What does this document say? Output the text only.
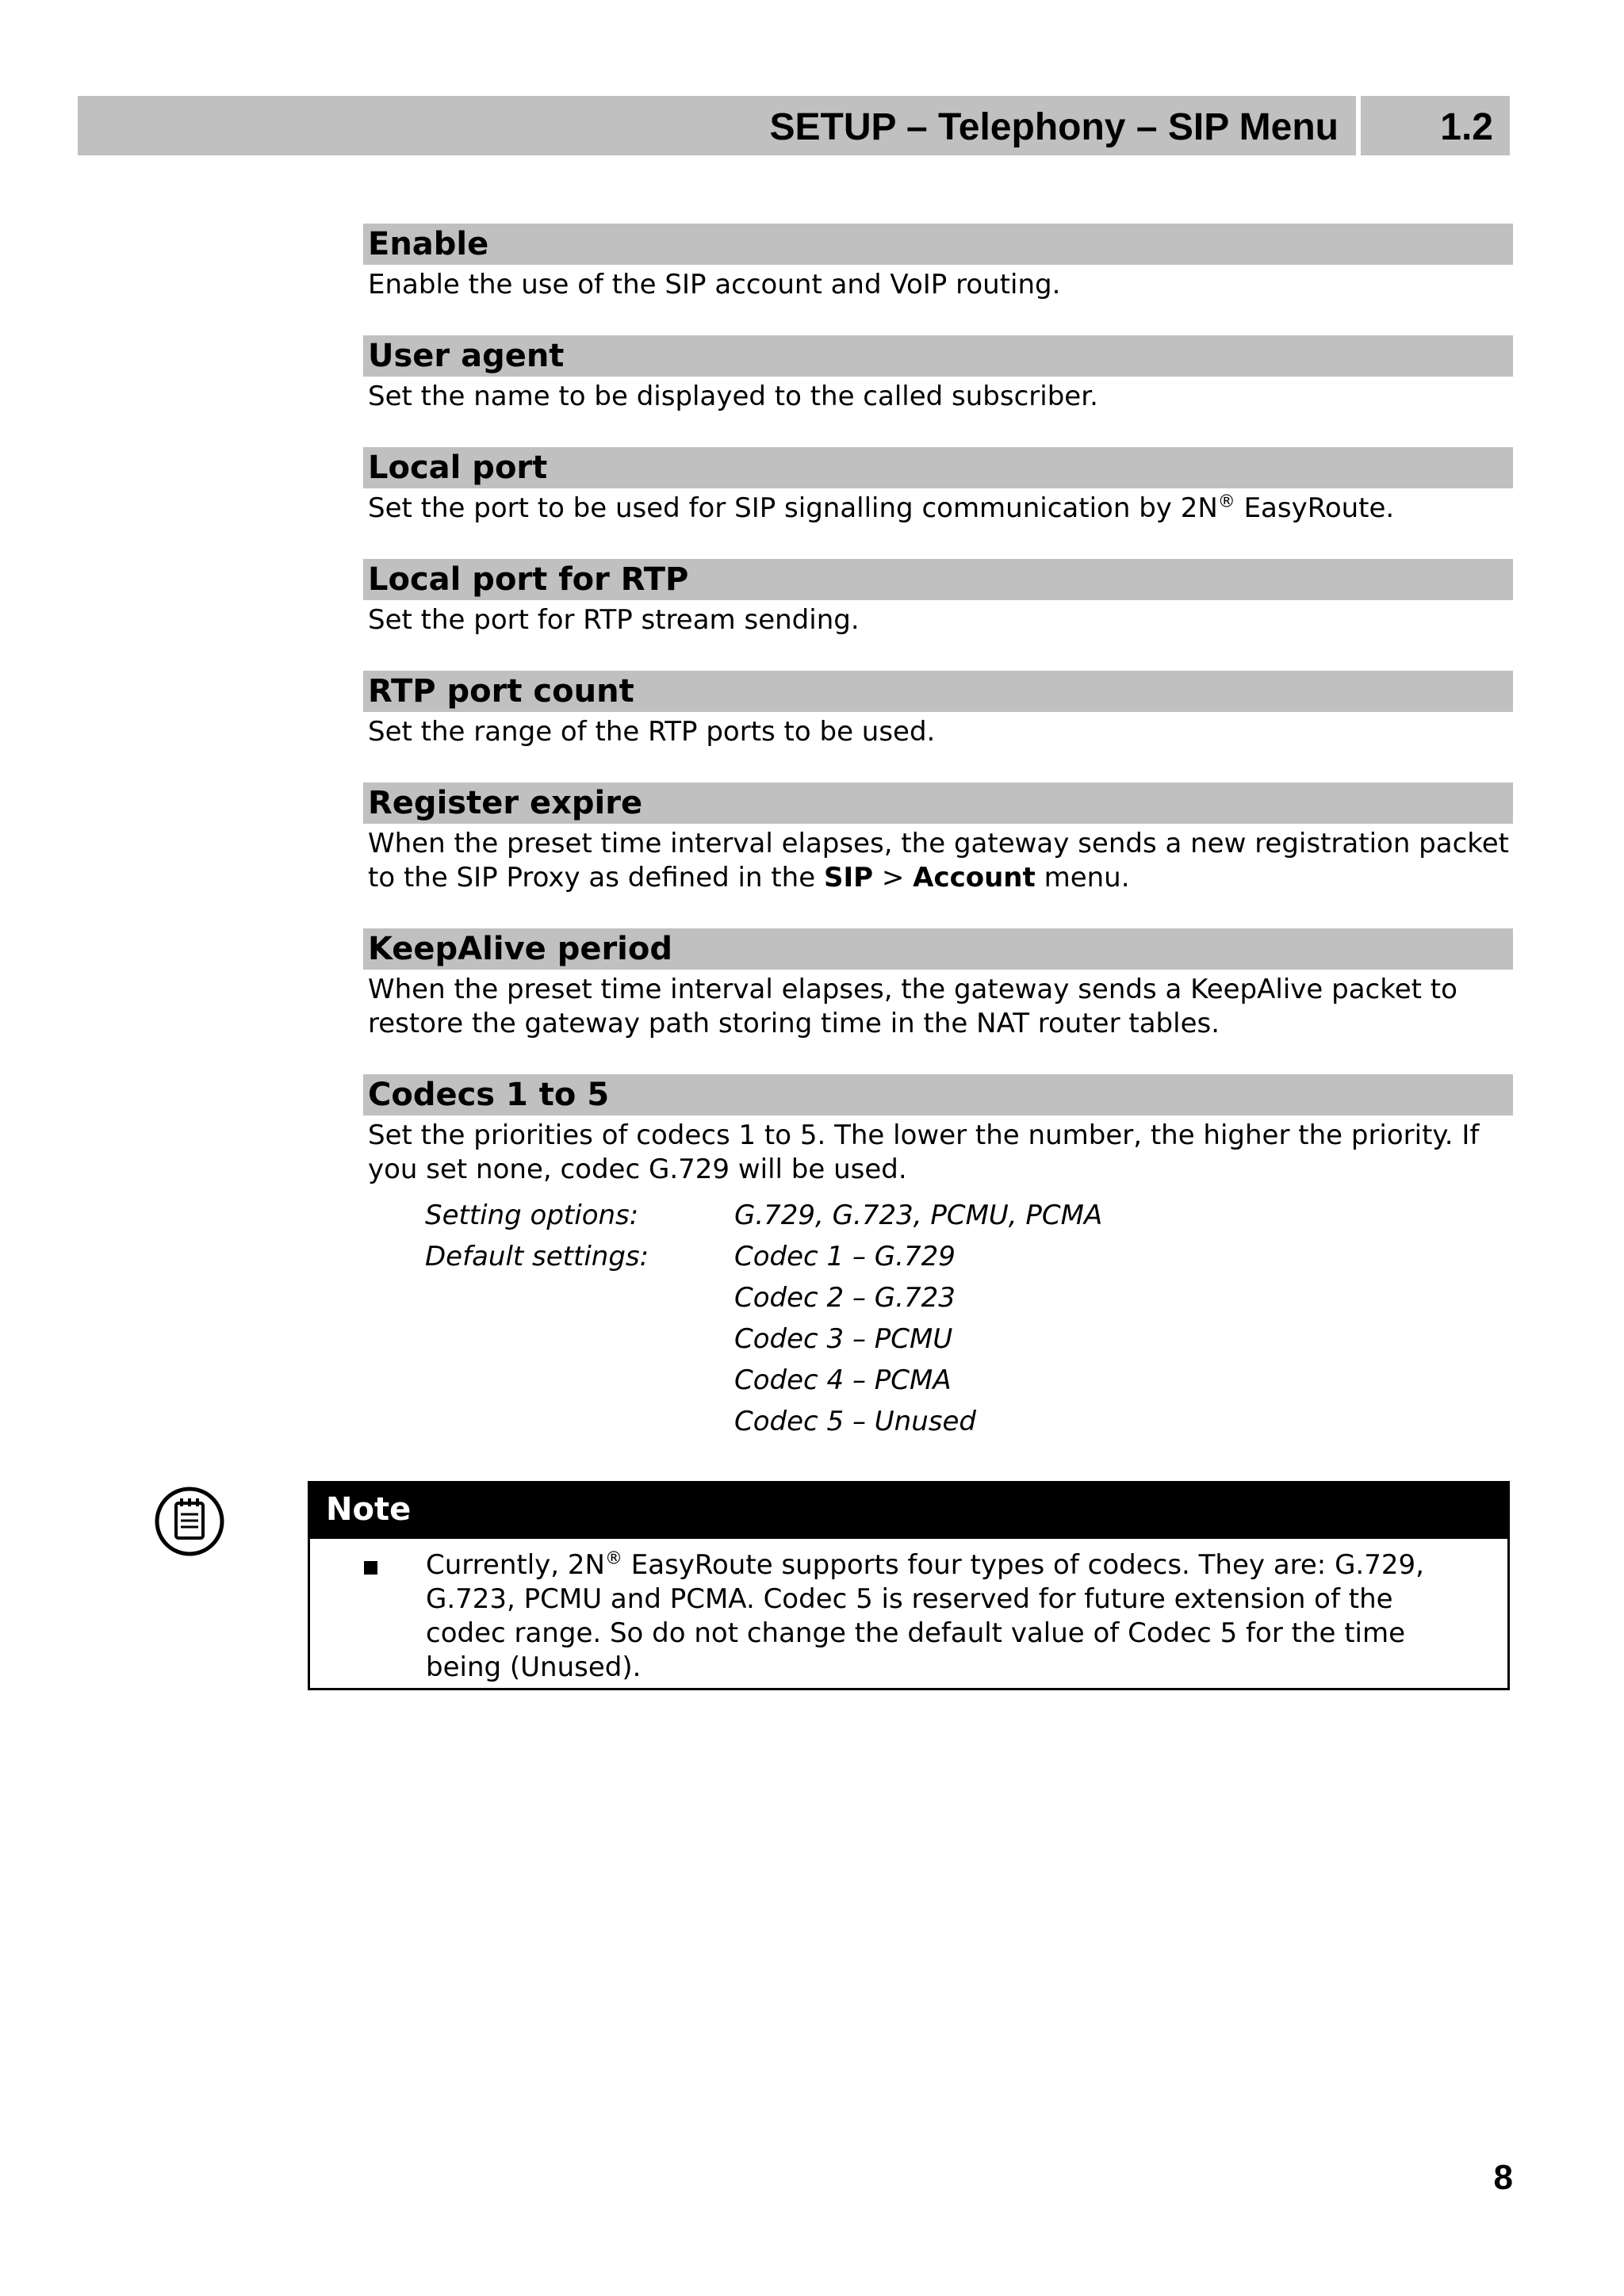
SETUP – Telephony – SIP Menu	1.2
Enable
Enable the use of the SIP account and VoIP routing.
User agent
Set the name to be displayed to the called subscriber.
Local port
Set the port to be used for SIP signalling communication by 2N® EasyRoute.
Local port for RTP
Set the port for RTP stream sending.
RTP port count
Set the range of the RTP ports to be used.
Register expire
When the preset time interval elapses, the gateway sends a new registration packet to the SIP Proxy as defined in the SIP > Account menu.
KeepAlive period
When the preset time interval elapses, the gateway sends a KeepAlive packet to restore the gateway path storing time in the NAT router tables.
Codecs 1 to 5
Set the priorities of codecs 1 to 5. The lower the number, the higher the priority. If you set none, codec G.729 will be used.
Setting options:	G.729, G.723, PCMU, PCMA
Default settings:	Codec 1 – G.729
Codec 2 – G.723
Codec 3 – PCMU
Codec 4 – PCMA
Codec 5 – Unused
Note
Currently, 2N® EasyRoute supports four types of codecs. They are: G.729, G.723, PCMU and PCMA. Codec 5 is reserved for future extension of the codec range. So do not change the default value of Codec 5 for the time being (Unused).
8
